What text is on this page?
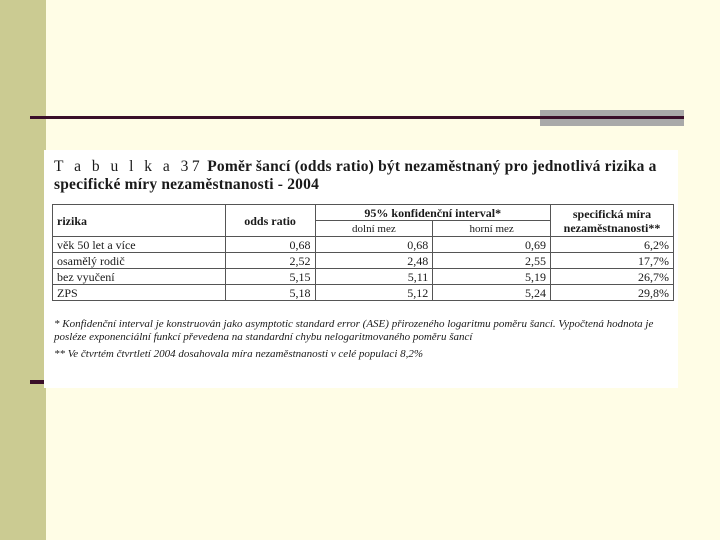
T a b u l k a 37 Poměr šancí (odds ratio) být nezaměstnaný pro jednotlivá rizika a specifické míry nezaměstnanosti - 2004
rizika	odds ratio	95% konfidenční interval*		specifická míra nezaměstnanosti**
		dolní mez	horní mez	
věk 50 let a více	0,68	0,68	0,69	6,2%
osamělý rodič	2,52	2,48	2,55	17,7%
bez vyučení	5,15	5,11	5,19	26,7%
ZPS	5,18	5,12	5,24	29,8%

* Konfidenční interval je konstruován jako asymptotic standard error (ASE) přirozeného logaritmu poměru šancí. Vypočtená hodnota je posléze exponenciální funkcí převedena na standardní chybu nelogaritmovaného poměru šancí

** Ve čtvrtém čtvrtletí 2004 dosahovala míra nezaměstnanosti v celé populaci 8,2%
